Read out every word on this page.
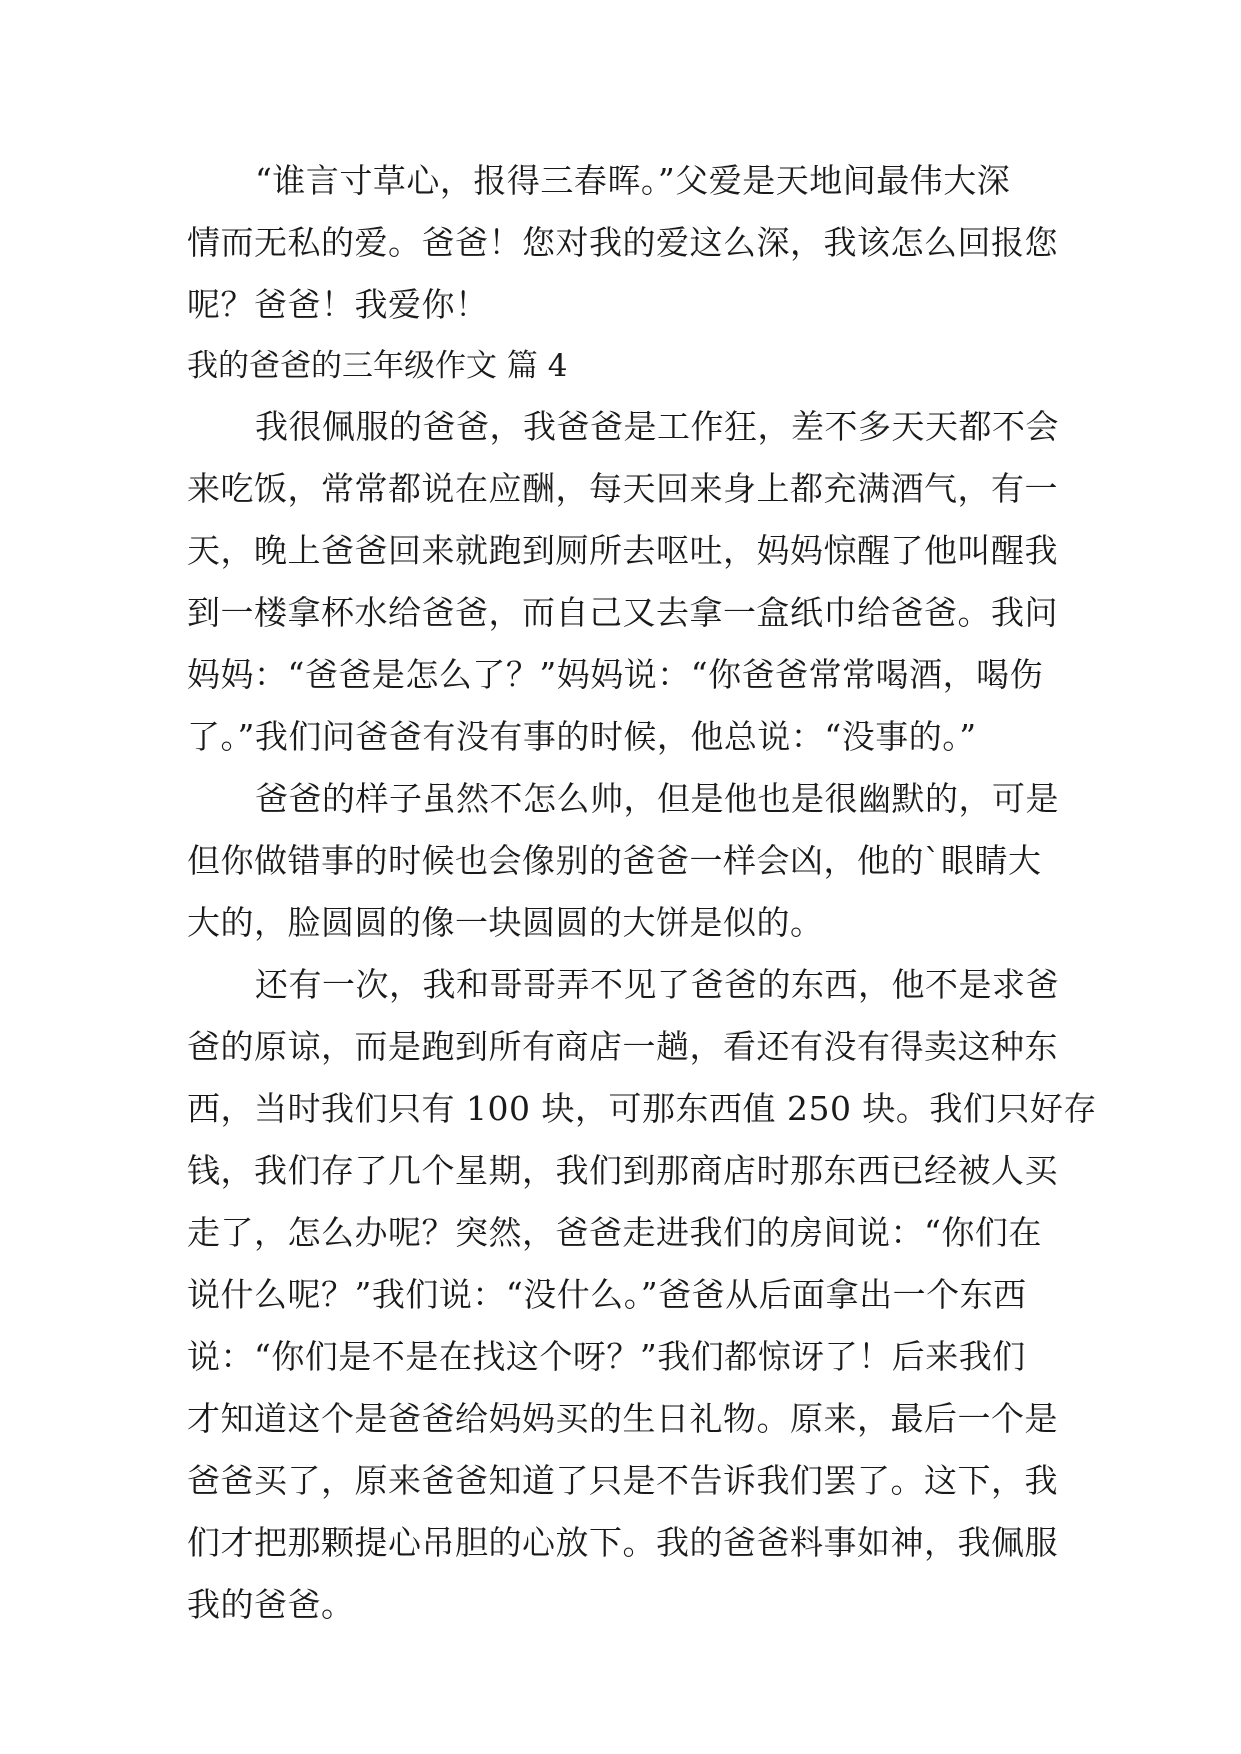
“谁言寸草心，报得三春晖。”父爱是天地间最伟大深
情而无私的爱。爸爸！您对我的爱这么深，我该怎么回报您
呢？爸爸！我爱你！
我的爸爸的三年级作文 篇 4
我很佩服的爸爸，我爸爸是工作狂，差不多天天都不会
来吃饭，常常都说在应酬，每天回来身上都充满酒气，有一
天，晚上爸爸回来就跑到厕所去呕吐，妈妈惊醒了他叫醒我
到一楼拿杯水给爸爸，而自己又去拿一盒纸巾给爸爸。我问
妈妈：“爸爸是怎么了？”妈妈说：“你爸爸常常喝酒，喝伤
了。”我们问爸爸有没有事的时候，他总说：“没事的。”
爸爸的样子虽然不怎么帅，但是他也是很幽默的，可是
但你做错事的时候也会像别的爸爸一样会凶，他的`眼睛大
大的，脸圆圆的像一块圆圆的大饼是似的。
还有一次，我和哥哥弄不见了爸爸的东西，他不是求爸
爸的原谅，而是跑到所有商店一趟，看还有没有得卖这种东
西，当时我们只有 100 块，可那东西值 250 块。我们只好存
钱，我们存了几个星期，我们到那商店时那东西已经被人买
走了，怎么办呢？突然，爸爸走进我们的房间说：“你们在
说什么呢？”我们说：“没什么。”爸爸从后面拿出一个东西
说：“你们是不是在找这个呀？”我们都惊讶了！后来我们
才知道这个是爸爸给妈妈买的生日礼物。原来，最后一个是
爸爸买了，原来爸爸知道了只是不告诉我们罢了。这下，我
们才把那颗提心吊胆的心放下。我的爸爸料事如神，我佩服
我的爸爸。
